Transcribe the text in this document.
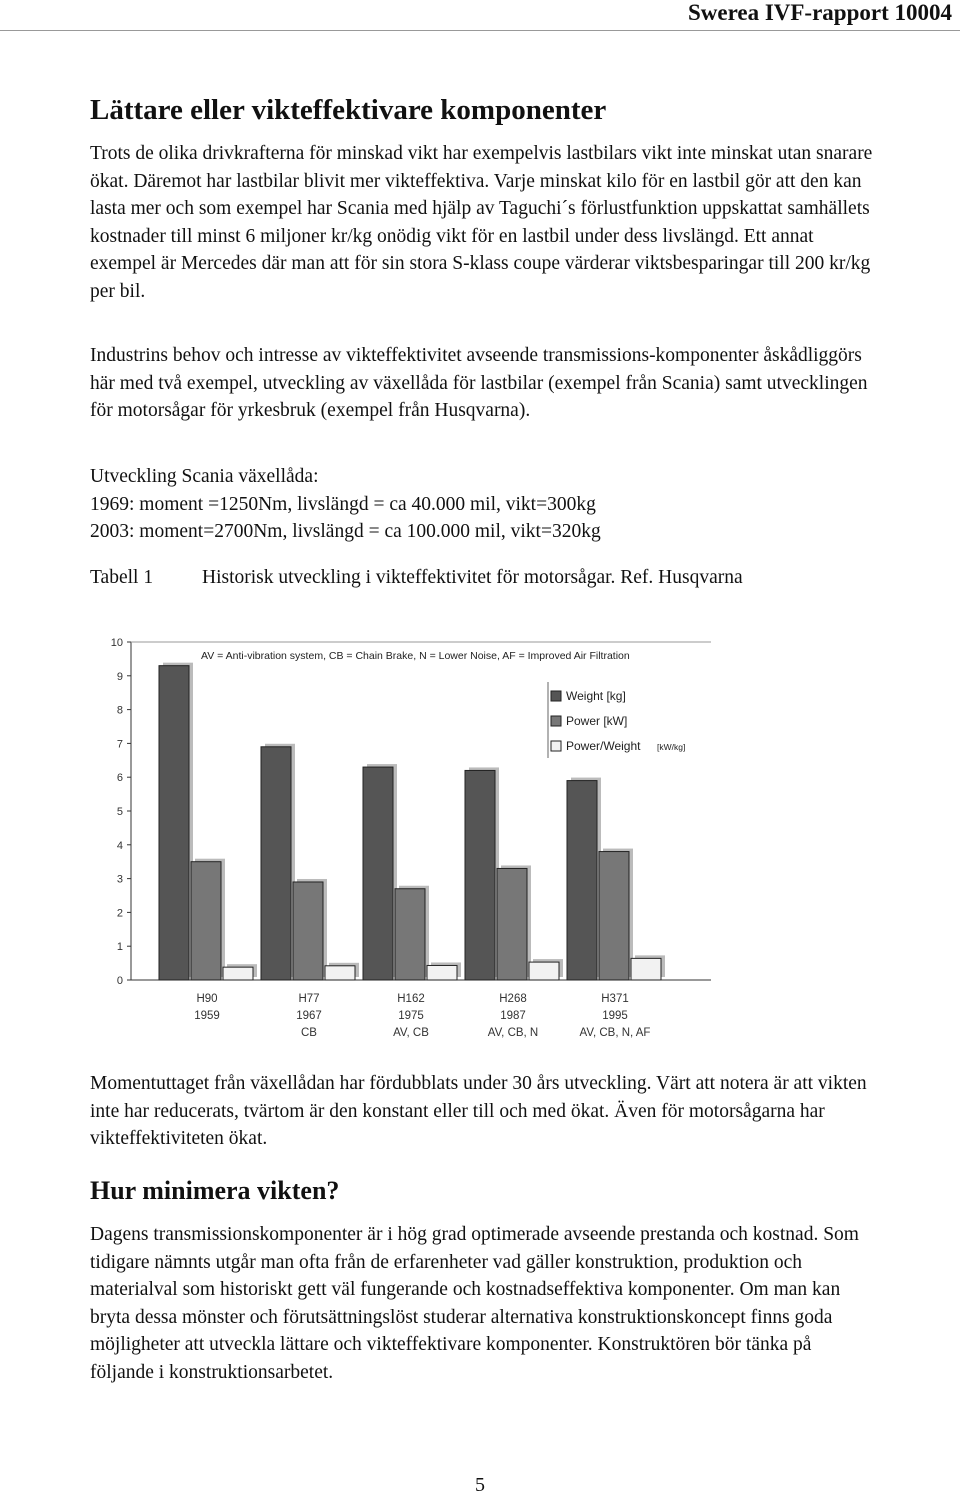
Swerea IVF-rapport 10004
Lättare eller vikteffektivare komponenter

Trots de olika drivkrafterna för minskad vikt har exempelvis lastbilars vikt inte minskat utan snarare ökat. Däremot har lastbilar blivit mer vikteffektiva. Varje minskat kilo för en lastbil gör att den kan lasta mer och som exempel har Scania med hjälp av Taguchi´s förlustfunktion uppskattat samhällets kostnader till minst 6 miljoner kr/kg onödig vikt för en lastbil under dess livslängd. Ett annat exempel är Mercedes där man att för sin stora S-klass coupe värderar viktsbesparingar till 200 kr/kg per bil.

Industrins behov och intresse av vikteffektivitet avseende transmissions-komponenter åskådliggörs här med två exempel, utveckling av växellåda för lastbilar (exempel från Scania) samt utvecklingen för motorsågar för yrkesbruk (exempel från Husqvarna).

Utveckling Scania växellåda:
1969: moment =1250Nm, livslängd = ca 40.000 mil, vikt=300kg
2003: moment=2700Nm, livslängd = ca 100.000 mil, vikt=320kg
Tabell 1	Historisk utveckling i vikteffektivitet för motorsågar. Ref. Husqvarna
0
1
2
3
4
5
6
7
8
9
10
AV = Anti-vibration system, CB = Chain Brake, N = Lower Noise, AF = Improved Air Filtration
H90
1959
H77
1967
CB
H162
1975
AV, CB
H268
1987
AV, CB, N
H371
1995
AV, CB, N, AF
Weight [kg]
Power [kW]
Power/Weight [kW/kg]

Momentuttaget från växellådan har fördubblats under 30 års utveckling. Värt att notera är att vikten inte har reducerats, tvärtom är den konstant eller till och med ökat. Även för motorsågarna har vikteffektiviteten ökat.

Hur minimera vikten?

Dagens transmissionskomponenter är i hög grad optimerade avseende prestanda och kostnad. Som tidigare nämnts utgår man ofta från de erfarenheter vad gäller konstruktion, produktion och materialval som historiskt gett väl fungerande och kostnadseffektiva komponenter. Om man kan bryta dessa mönster och förutsättningslöst studerar alternativa konstruktionskoncept finns goda möjligheter att utveckla lättare och vikteffektivare komponenter. Konstruktören bör tänka på följande i konstruktionsarbetet.

5
